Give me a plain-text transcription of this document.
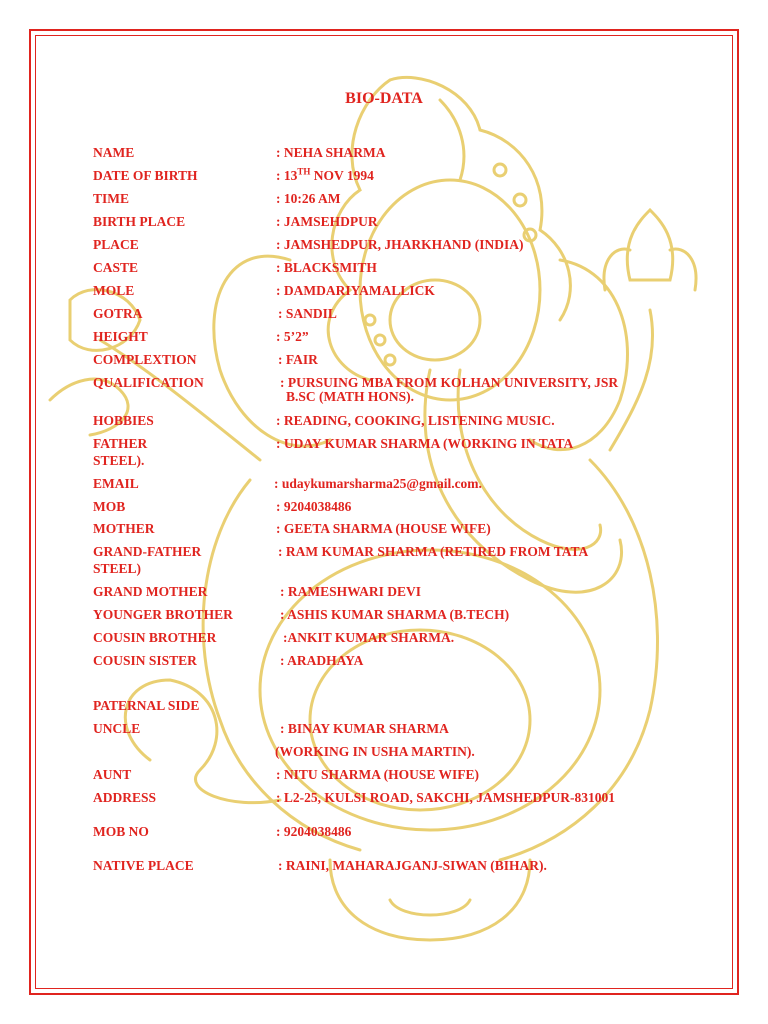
BIO-DATA
NAME	: NEHA SHARMA
DATE OF BIRTH	: 13TH NOV 1994
TIME	: 10:26 AM
BIRTH PLACE	: JAMSEHDPUR
PLACE	: JAMSHEDPUR, JHARKHAND (INDIA)
CASTE	: BLACKSMITH
MOLE	: DAMDARIYAMALLICK
GOTRA	: SANDIL
HEIGHT	: 5’2”
COMPLEXTION	: FAIR
QUALIFICATION	: PURSUING MBA FROM KOLHAN UNIVERSITY, JSR
B.SC (MATH HONS).
HOBBIES	: READING, COOKING, LISTENING MUSIC.
FATHER	: UDAY KUMAR SHARMA (WORKING IN TATA
STEEL).
EMAIL	: udaykumarsharma25@gmail.com.
MOB	: 9204038486
MOTHER	: GEETA SHARMA (HOUSE WIFE)
GRAND-FATHER	: RAM KUMAR SHARMA (RETIRED FROM TATA
STEEL)
GRAND MOTHER	: RAMESHWARI DEVI
YOUNGER BROTHER	: ASHIS KUMAR SHARMA (B.TECH)
COUSIN BROTHER	:ANKIT KUMAR SHARMA.
COUSIN SISTER	: ARADHAYA
PATERNAL SIDE
UNCLE	: BINAY KUMAR SHARMA
(WORKING IN USHA MARTIN).
AUNT	: NITU SHARMA (HOUSE WIFE)
ADDRESS	: L2-25, KULSI ROAD, SAKCHI, JAMSHEDPUR-831001
MOB NO	: 9204038486
NATIVE PLACE	: RAINI, MAHARAJGANJ-SIWAN (BIHAR).
